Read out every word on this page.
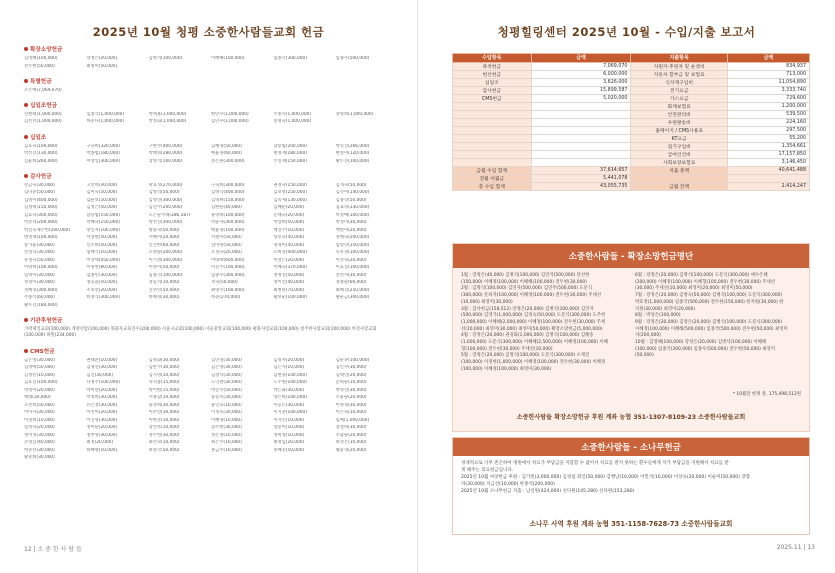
2025년 10월 청평 소중한사람들교회 헌금
확장소망헌금
김영해(100,000)	강정은(20,000)	김병석(100,000)	이혜해(100,000)	임종국(300,000)	임종우(500,000)
전두현(50,000)	최영미(50,000)
특별헌금
조은예(7,069,070)
십일조헌금
신현택(1,000,000)	임종국(1,000,000)	박세훈(1,000,000)	한민수(1,000,000)	주종석(1,000,000)	강영희(1,000,000)
김선민(1,000,000)	허준다(1,000,000)	박정화(1,000,000)	김민수(1,000,000)	송영숙(1,000,000)
십일조
김효숙(100,000)	구숙희(320,000)	구현주(400,000)	김혜경(50,000)	남승범(200,000)	박길진(266,000)
박선진(130,000)	박종범(180,000)	박혜영(280,000)	배윤경(60,000)	변영재(180,000)	변영미(120,000)
심윤희(260,000)	이상일(300,000)	장영석(100,000)	정은원(300,000)	주연재(150,000)	황두진(100,000)
감사헌금
강금숙(30,000)	고선희(30,000)	곽효정(270,000)	구숙희(300,000)	권정숙(150,000)	김개숙(50,000)
김나준(50,000)	김미숙(50,000)	김병석(50,000)	김병식(400,000)	김보영(250,000)	김선미(140,000)
김영미(400,000)	김순보(50,000)	김영연(300,000)	김영희(150,000)	김옥제(130,000)	김종학(50,000)
김정택(150,000)	김정은(50,000)	김연주(200,000)	김현순(40,000)	김혜순(20,000)	김효숙(130,000)
김효숙(300,000)	남승범(150,000)	노은순주례(286,587)	류영희(100,000)	문태숙(20,000)	박경애(100,000)
박준혁(200,000)	박혜숙(250,000)	박선진(300,000)	박순자(300,000)	박상희(50,000)	박정미(30,000)
박진욱제주헌(200,000)	방인자(100,000)	방윤숙(50,000)	배윤경(100,000)	백진주(10,000)	백현미(20,000)
변영재(100,000)	서상현(50,000)	서혜미(20,000)	서원미(50,000)	성민숙(50,000)	성혜숙(200,000)
송가윤(30,000)	신소희(50,000)	신진한(60,000)	심미영(50,000)	양경미(50,000)	엄영민(150,000)
연정의(30,000)	염혜식(10,000)	오영순(200,000)	오정숙(20,000)	오희성(400,000)	유옥경(100,000)
유정숙(50,000)	이강택(450,000)	이기영(300,000)	이대희(600,000)	이상은(20,000)	이성숙(20,000)
이양희(100,000)	이영현(80,000)	이영미(50,000)	이진주(100,000)	이혜숙(370,000)	이효진(100,000)
임영미(30,000)	임종민(30,000)	임종국(100,000)	임종우(300,000)	정영진(50,000)	전선자(30,000)
정경미(30,000)	정동윤(50,000)	정동석(10,000)	정숙(50,000)	정이언(40,000)	정종순(60,000)
정혜경(300,000)	조옥선(20,000)	진선민(50,000)	최영주(100,000)	최병관(70,000)	최혜진(250,000)
추종석(60,000)	한정식(300,000)	한혜경(30,000)	허준(270,000)	황보순(100,000)	황순금(300,000)
황우진(180,000)
기관후원헌금
가락제일교회(100,000) 개양선암(100,000) 목회자교육연수(200,000) 서울시교회(100,000) 서울중앙교회(100,000) 평화사랑교회(100,000) 청주한사랑교회(100,000) 비전사랑교회(100,000) 하빌(234,000)
CMS헌금
금은영(30,000)	권태준(10,000)	김명화(30,000)	김민정(30,000)	김성자(20,000)	김순준(100,000)
김영애(50,000)	김영신(30,000)	김완주(30,000)	김은영(30,000)	김은지(10,000)	김인수(30,000)
김정민(10,000)	김진(30,000)	김지영(10,000)	김창석(30,000)	김현경(100,000)	김태연(20,000)
김효진(100,000)	나정주(100,000)	나지용(15,000)	도덕천(30,000)	도주원(100,000)	문희순(10,000)
박경미(20,000)	박미란(20,000)	박미현(15,000)	박문주(50,000)	박은화(30,000)	박영신(30,000)
백대(30,000)	박영희(30,000)	서종갑(10,000)	송동옥(30,000)	양은희(100,000)	오윤순(20,000)
오선희(50,000)	유은정(30,000)	윤성희(30,000)	윤인호(10,000)	이동은(30,000)	이명정(30,000)
이미자(30,000)	이선미(20,000)	이수연(30,000)	이정호(30,000)	이지훈(100,000)	이은숙(10,000)
이정희(10,000)	이진영(30,000)	이현준(10,000)	이혜영(10,000)	이자인(10,000)	임혜(1,000,000)
임성숙(20,000)	정미순(20,000)	장선옥(10,000)	장소현(30,000)	장승미(10,000)	장정희(30,000)
정미정(30,000)	정부영(30,000)	정주헌(30,000)	정은경(10,000)	정희정(10,000)	조남순(20,000)
조영심(40,000)	최정(20,000)	최선숙(10,000)	최은주(10,000)	최영임(20,000)	하정은(10,000)
허준선(30,000)	하혜원(10,000)	하정국(50,000)	홍금주(10,000)	홍혜진(50,000)	황윤경(20,000)
황준희(30,000)
12 | 소 중 한 사 람 들
청평힐링센터 2025년 10월 - 수입/지출 보고서
수입항목	금액	지출항목	금액
목적헌금	7,069,070	자원자·후원자 및 운영비	834,937
헌신헌금	6,000,000	자동차 할부금 및 보험료	713,000
십일조	3,626,000	식자재구입비	11,054,890
감사헌금	15,899,587	전기요금	3,333,740
CMS헌금	5,020,000	가스요금	729,600
		화재보험료	1,200,000
		안전관리비	539,500
		우편발송비	224,160
		홈페이지 / CMS사용료	297,500
		KT요금	55,200
		집기구입비	1,354,661
		급여인건비	17,157,850
		사회보장보험료	3,146,450
금월 수입 합계	37,614,657	지출 총액	40,641,488
전월 이월금	5,441,078		
총 수입 합계	43,055,735	금월 잔액	2,414,247
소중한사람들 - 확장소망헌금명단
1월 : 강정은(40,000) 김병석(100,000) 김연자(500,000) 단선현
(150,000) 이혜정(100,000) 이혜해(100,000) 전두현(30,000)
2월 : 김병석(100,000) 김연자(500,000) 김연주(500,000) 도문식
(300,000) 문희자(100,000) 이혜정(100,000) 전두현(30,000) 주세선
(10,000) 최영미(30,000)
3월 : 감사헌금(158,512) 강정은(20,000) 김병석(100,000) 김연자
(500,000) 김영가(1,000,000) 김정숙(50,000) 도문식(300,000) 도주헌
(1,000,000) 이혜해(2,000,000) 이혜정(100,000) 전두현(30,000) 주세
선(10,000) 최영미(30,000) 최영미(50,000) 확장소망헌금(5,000,000)
4월 : 강정은(20,000) 권경화(1,000,000) 김병석(100,000) 김혜송
(1,000,000) 도문식(300,000) 이혜해(2,500,000) 이혜정(100,000) 이혜
형(100,000) 전두현(30,000) 주세선(10,000)
5월 : 강정은(20,000) 김병석(100,000) 도문식(300,000) 소재길
(100,000) 이정현(1,000,000) 이혜정(100,000) 전두현(30,000) 이혜정
(100,000) 이혜정(100,000) 최영미(30,000)
6월 : 강정은(20,000) 김병석(100,000) 도문식(300,000) 예수은혜
(200,000) 이혜정(100,000) 이혜형(100,000) 전두현(30,000) 주세선
(30,000) 주세선(10,000) 최영미(20,000) 최영미(50,000)
7월 : 강정은(20,000) 김병숙(50,000) 김병석(100,000) 도문식(300,000)
박효정(1,000,000) 임종국(500,000) 전두현(150,000) 한지원(30,000) 한
지원(30,000) 최영미(20,000)
8월 : 박상은(100,000)
9월 : 강정은(20,000) 김정은(20,000) 김병석(100,000) 도문식(300,000)
이혜정(100,000) 이혜해(500,000) 임종국(500,000) 전두현(50,000) 최영미
지(200,000)
10월 : 김영해(100,000) 강정은(20,000) 김병석(100,000) 이혜해
(100,000) 임종국(300,000) 임종우(500,000) 전두현(50,000) 최영미
(50,000)
* 10월말 현재 총, 175,498,512원
소중한사람들 확장소망헌금 후원 계좌 농협 351-1307-8109-23 소중한사람들교회
소중한사람들 - 소나무헌금
경제적으로 너무 빈곤하여 병원에서 치료가 부담금을 지불할 수 없어서 치료를 받지 못하는 환우들에게 자가 부담금을 지원해서 치료를 받
게 해주는 의료헌금입니다.
2025년 10월 씨앗헌금 후원 : 김가빈(3,000,000) 김경섭 휘인(50,000) 김행남(10,000) 이민석(10,000) 이상숙(20,000) 이순미(50,000) 장향
자(30,000) 지금선(10,000) 한종석(200,000)
2025년 10월 소나무헌금 지출 : 남신원(424,000) 신다원(145,280) 신다원(153,280)
소나무 사역 후원 계좌 농협 351-1158-7628-73 소중한사람들교회
2025.11 | 13
